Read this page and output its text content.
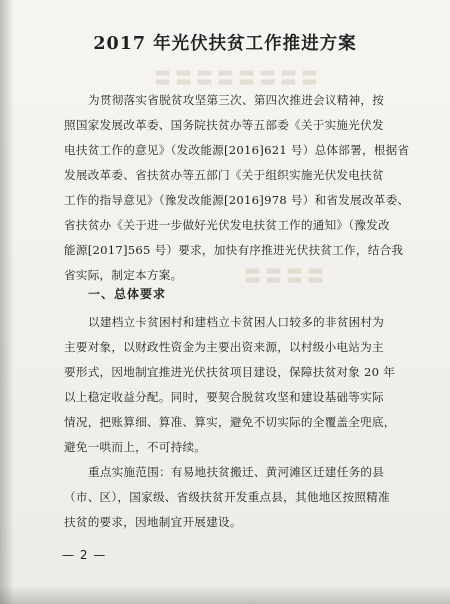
〓〓〓〓〓〓〓〓
〓〓〓〓
2017 年光伏扶贫工作推进方案
为贯彻落实省脱贫攻坚第三次、第四次推进会议精神，按
照国家发展改革委、国务院扶贫办等五部委《关于实施光伏发
电扶贫工作的意见》（发改能源[2016]621 号）总体部署，根据省
发展改革委、省扶贫办等五部门《关于组织实施光伏发电扶贫
工作的指导意见》（豫发改能源[2016]978 号）和省发展改革委、
省扶贫办《关于进一步做好光伏发电扶贫工作的通知》（豫发改
能源[2017]565 号）要求，加快有序推进光伏扶贫工作，结合我
省实际，制定本方案。
一、总体要求
以建档立卡贫困村和建档立卡贫困人口较多的非贫困村为
主要对象，以财政性资金为主要出资来源，以村级小电站为主
要形式，因地制宜推进光伏扶贫项目建设，保障扶贫对象 20 年
以上稳定收益分配。同时，要契合脱贫攻坚和建设基础等实际
情况，把账算细、算准、算实，避免不切实际的全覆盖全兜底，
避免一哄而上，不可持续。
重点实施范围：有易地扶贫搬迁、黄河滩区迁建任务的县
（市、区），国家级、省级扶贫开发重点县，其他地区按照精准
扶贫的要求，因地制宜开展建设。
— 2 —
